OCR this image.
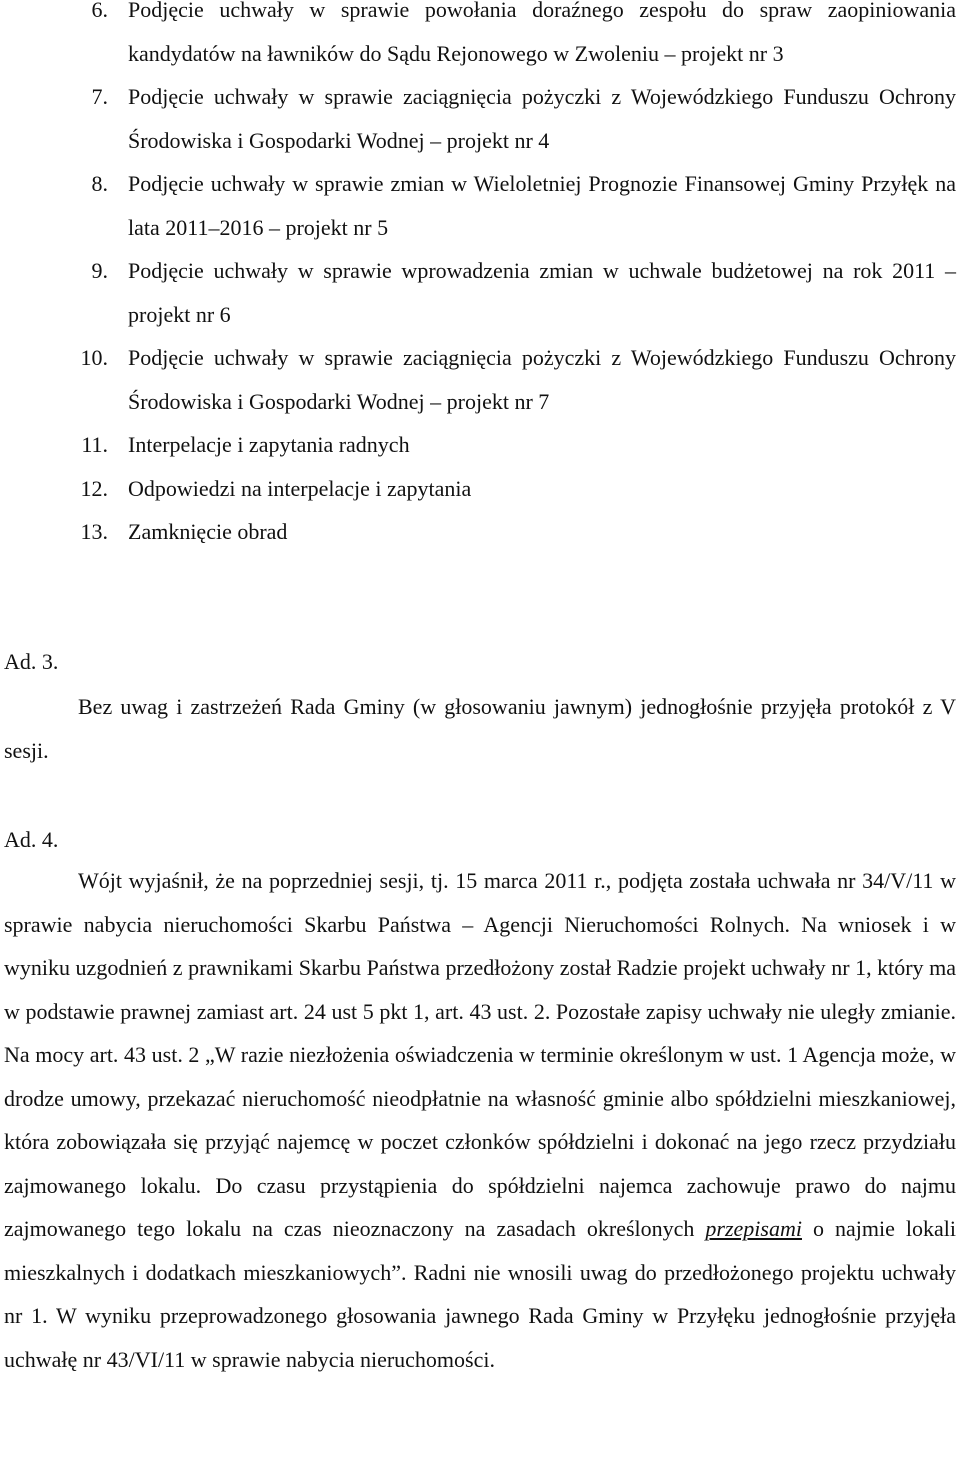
6. Podjęcie uchwały w sprawie powołania doraźnego zespołu do spraw zaopiniowania kandydatów na ławników do Sądu Rejonowego w Zwoleniu – projekt nr 3
7. Podjęcie uchwały w sprawie zaciągnięcia pożyczki z Wojewódzkiego Funduszu Ochrony Środowiska i Gospodarki Wodnej – projekt nr 4
8. Podjęcie uchwały w sprawie zmian w Wieloletniej Prognozie Finansowej Gminy Przyłęk na lata 2011–2016 – projekt nr 5
9. Podjęcie uchwały w sprawie wprowadzenia zmian w uchwale budżetowej na rok 2011 – projekt nr 6
10. Podjęcie uchwały w sprawie zaciągnięcia pożyczki z Wojewódzkiego Funduszu Ochrony Środowiska i Gospodarki Wodnej – projekt nr 7
11. Interpelacje i zapytania radnych
12. Odpowiedzi na interpelacje i zapytania
13. Zamknięcie obrad
Ad. 3.

Bez uwag i zastrzeżeń Rada Gminy (w głosowaniu jawnym) jednogłośnie przyjęła protokół z V sesji.

Ad. 4.

Wójt wyjaśnił, że na poprzedniej sesji, tj. 15 marca 2011 r., podjęta została uchwała nr 34/V/11 w sprawie nabycia nieruchomości Skarbu Państwa – Agencji Nieruchomości Rolnych. Na wniosek i w wyniku uzgodnień z prawnikami Skarbu Państwa przedłożony został Radzie projekt uchwały nr 1, który ma w podstawie prawnej zamiast art. 24 ust 5 pkt 1, art. 43 ust. 2. Pozostałe zapisy uchwały nie uległy zmianie. Na mocy art. 43 ust. 2 „W razie niezłożenia oświadczenia w terminie określonym w ust. 1 Agencja może, w drodze umowy, przekazać nieruchomość nieodpłatnie na własność gminie albo spółdzielni mieszkaniowej, która zobowiązała się przyjąć najemcę w poczet członków spółdzielni i dokonać na jego rzecz przydziału zajmowanego lokalu. Do czasu przystąpienia do spółdzielni najemca zachowuje prawo do najmu zajmowanego tego lokalu na czas nieoznaczony na zasadach określonych przepisami o najmie lokali mieszkalnych i dodatkach mieszkaniowych”. Radni nie wnosili uwag do przedłożonego projektu uchwały nr 1. W wyniku przeprowadzonego głosowania jawnego Rada Gminy w Przyłęku jednogłośnie przyjęła uchwałę nr 43/VI/11 w sprawie nabycia nieruchomości.
